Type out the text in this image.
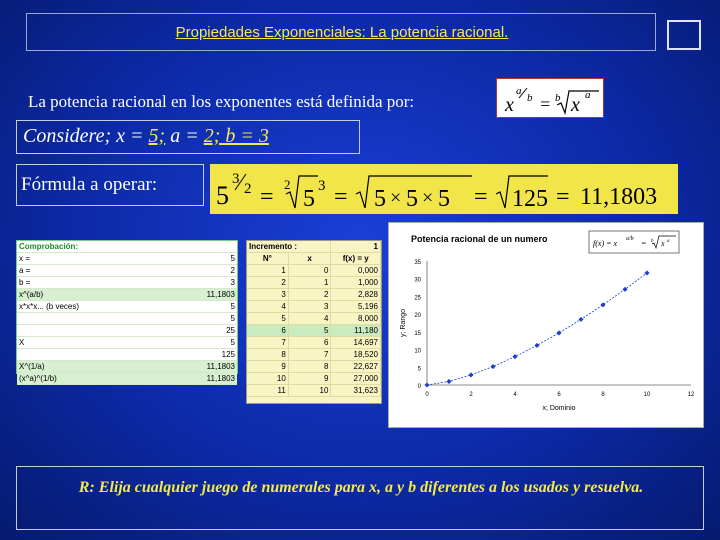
Propiedades Exponenciales: La potencia racional.
La potencia racional en los exponentes está definida por:	x
a
b = b x a
Considere; x = 5; a = 2; b = 3
Fórmula a operar: 5
3
2 = 2
5 3 = 5 × 5 × 5 = 125 = 11,1803
Comprobación:	
x =	5
a =	2
b =	3
x^(a/b)	11,1803
x*x*x... (b veces)	5
	5
	25
X	5
	125
X^(1/a)	11,1803
(x^a)^(1/b)	11,1803
Incremento :		1
N°	x	f(x) = y
1	0	0,000
2	1	1,000
3	2	2,828
4	3	5,196
5	4	8,000
6	5	11,180
7	6	14,697
8	7	18,520
9	8	22,627
10	9	27,000
11	10	31,623
Potencia racional de un numero	f(x) = x a/b = b x a
0
5
10
15
20
25
30
35
0	2	4	6	8	10	12
x; Dominio
y; Rango
R: Elija cualquier juego de numerales para x, a y b diferentes a los usados y resuelva.
